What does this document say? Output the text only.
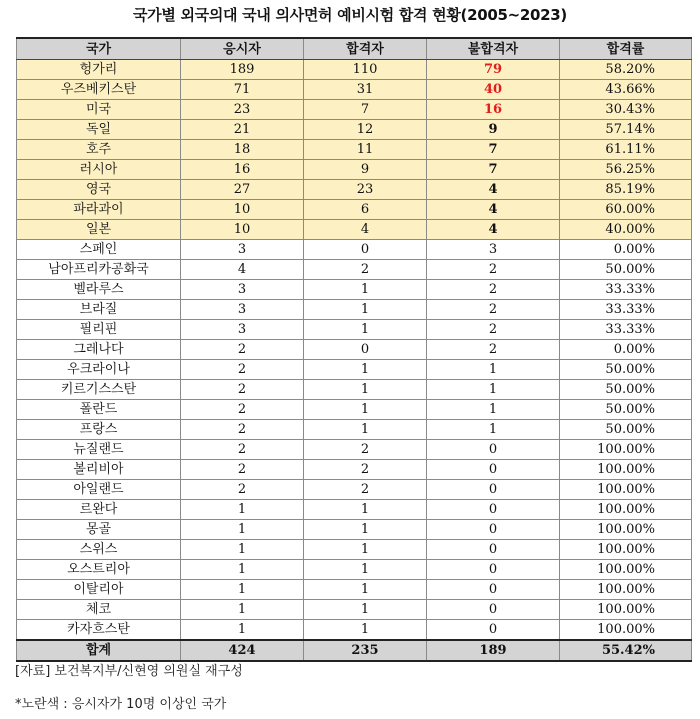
국가별 외국의대 국내 의사면허 예비시험 합격 현황(2005~2023)
국가	응시자	합격자	불합격자	합격률
헝가리	189	110	79	58.20%
우즈베키스탄	71	31	40	43.66%
미국	23	7	16	30.43%
독일	21	12	9	57.14%
호주	18	11	7	61.11%
러시아	16	9	7	56.25%
영국	27	23	4	85.19%
파라과이	10	6	4	60.00%
일본	10	4	4	40.00%
스페인	3	0	3	0.00%
남아프리카공화국	4	2	2	50.00%
벨라루스	3	1	2	33.33%
브라질	3	1	2	33.33%
필리핀	3	1	2	33.33%
그레나다	2	0	2	0.00%
우크라이나	2	1	1	50.00%
키르기스스탄	2	1	1	50.00%
폴란드	2	1	1	50.00%
프랑스	2	1	1	50.00%
뉴질랜드	2	2	0	100.00%
볼리비아	2	2	0	100.00%
아일랜드	2	2	0	100.00%
르완다	1	1	0	100.00%
몽골	1	1	0	100.00%
스위스	1	1	0	100.00%
오스트리아	1	1	0	100.00%
이탈리아	1	1	0	100.00%
체코	1	1	0	100.00%
카자흐스탄	1	1	0	100.00%
합계	424	235	189	55.42%
[자료] 보건복지부/신현영 의원실 재구성
*노란색 : 응시자가 10명 이상인 국가
